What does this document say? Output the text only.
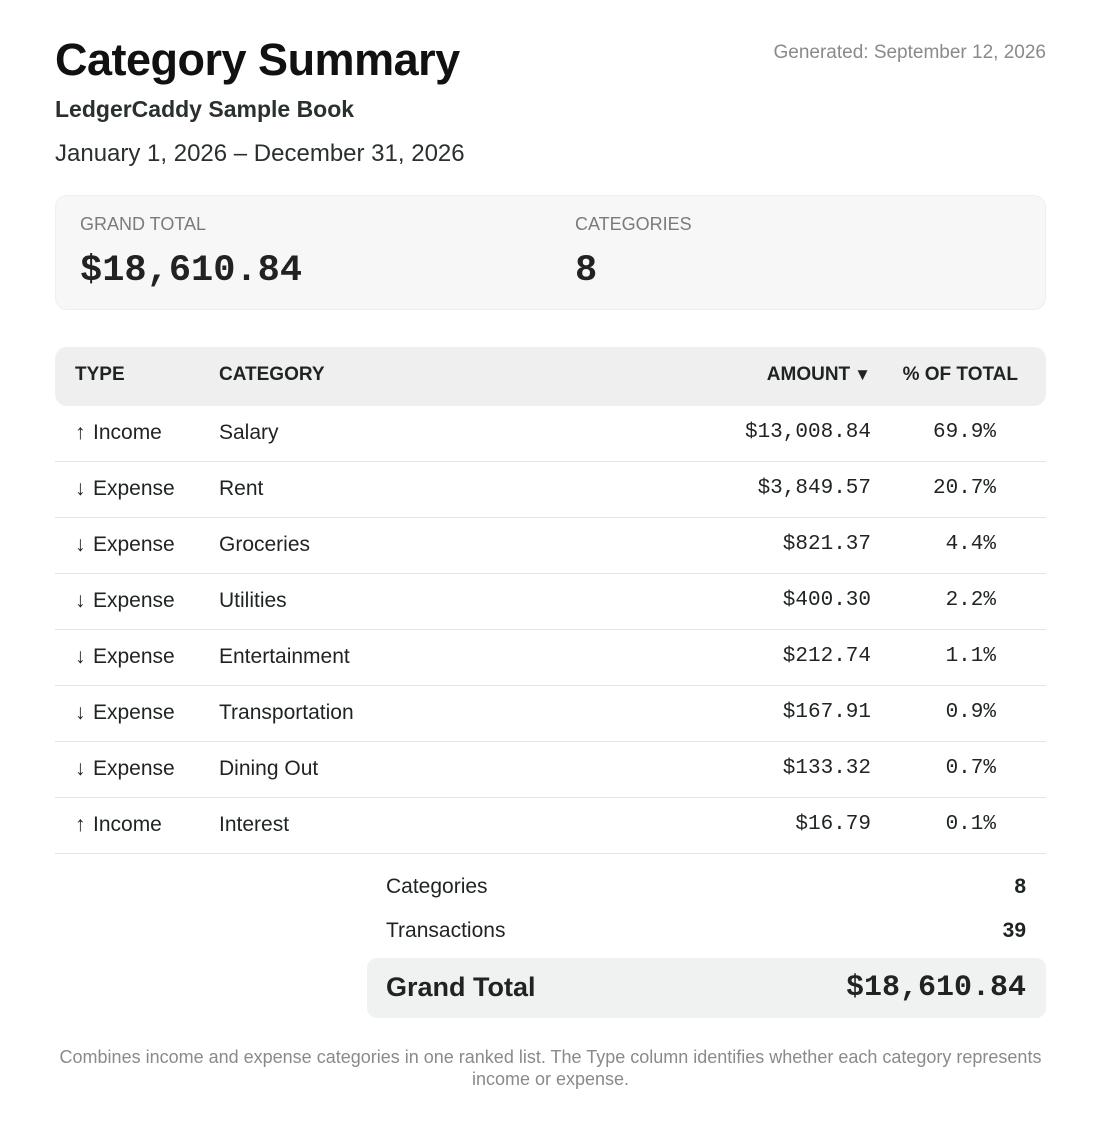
Category Summary	Generated: September 12, 2026
LedgerCaddy Sample Book
January 1, 2026 – December 31, 2026
GRAND TOTAL
$18,610.84
CATEGORIES
8
TYPE	CATEGORY	AMOUNT ▼ % OF TOTAL
↑ Income	Salary	$13,008.84	69.9%
↓ Expense Rent	$3,849.57	20.7%
↓ Expense Groceries	$821.37	4.4%
↓ Expense Utilities	$400.30	2.2%
↓ Expense Entertainment	$212.74	1.1%
↓ Expense Transportation	$167.91	0.9%
↓ Expense Dining Out	$133.32	0.7%
↑ Income	Interest	$16.79	0.1%
Categories	8
Transactions	39
Grand Total	$18,610.84
Combines income and expense categories in one ranked list. The Type column identifies whether each category represents income or expense.
